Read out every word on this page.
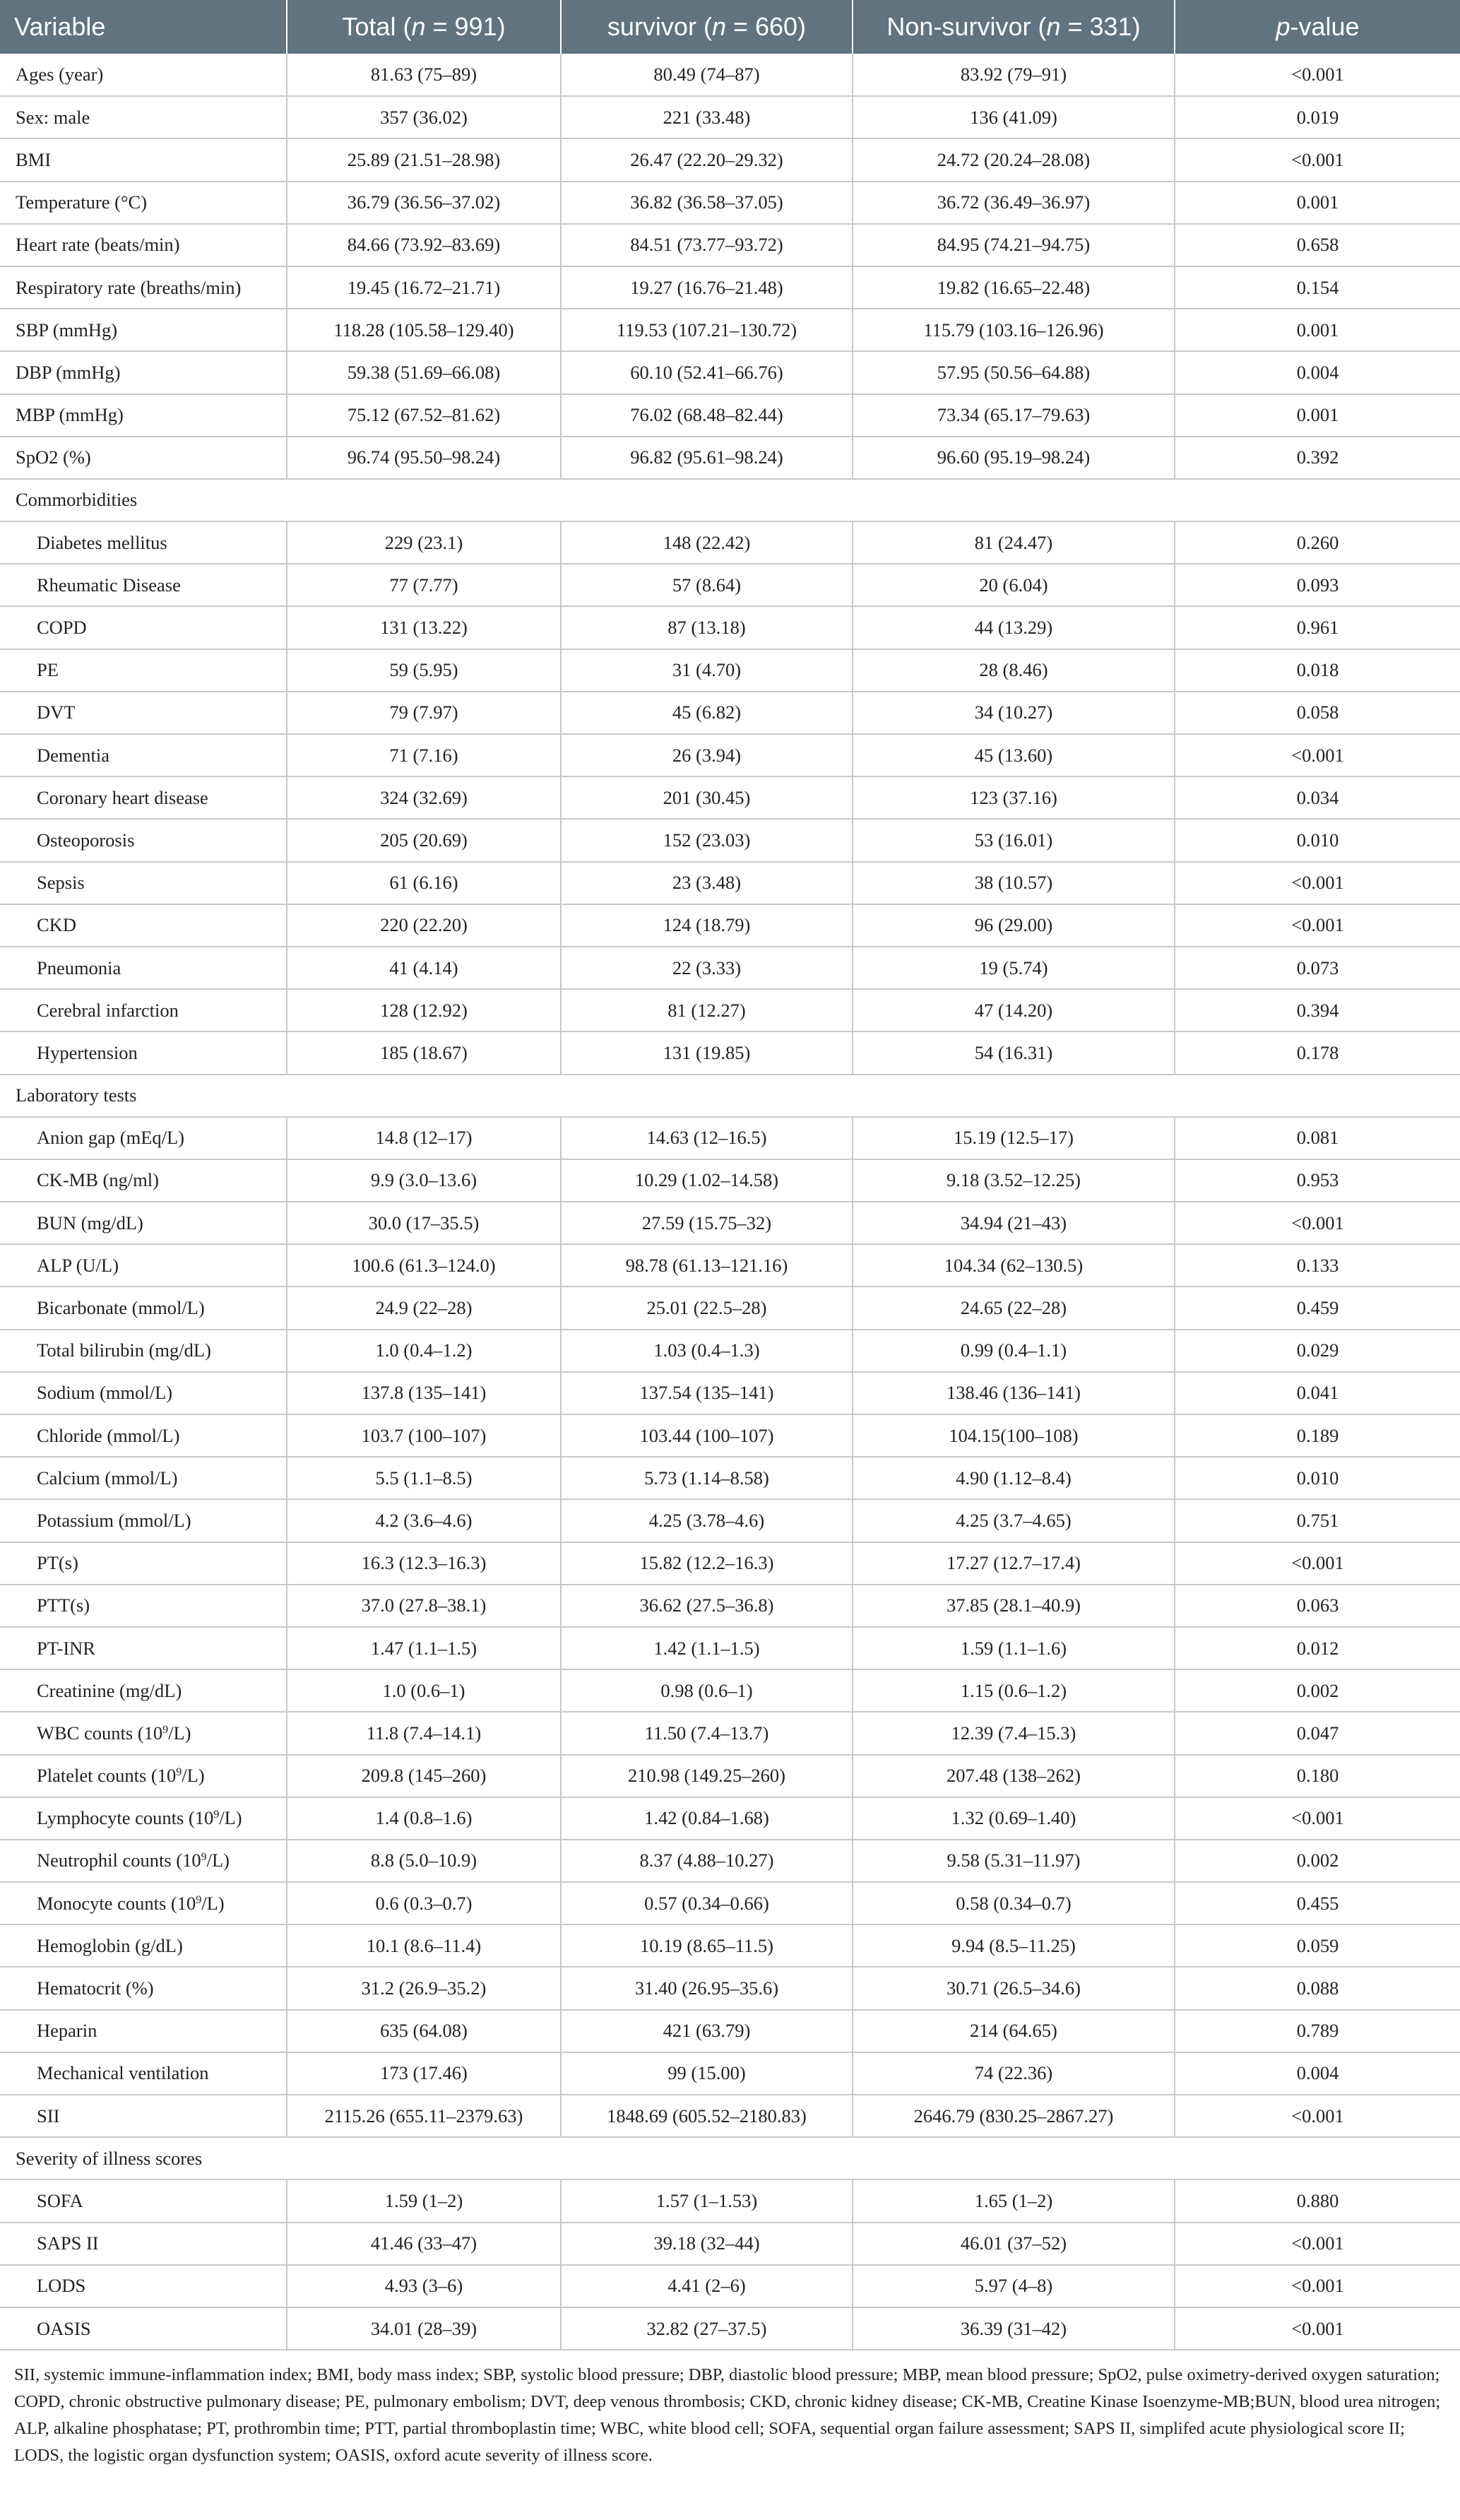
Variable	Total (n = 991)	survivor (n = 660)	Non-survivor (n = 331)	p-value
Ages (year)	81.63 (75–89)	80.49 (74–87)	83.92 (79–91)	<0.001
Sex: male	357 (36.02)	221 (33.48)	136 (41.09)	0.019
BMI	25.89 (21.51–28.98)	26.47 (22.20–29.32)	24.72 (20.24–28.08)	<0.001
Temperature (°C)	36.79 (36.56–37.02)	36.82 (36.58–37.05)	36.72 (36.49–36.97)	0.001
Heart rate (beats/min)	84.66 (73.92–83.69)	84.51 (73.77–93.72)	84.95 (74.21–94.75)	0.658
Respiratory rate (breaths/min)	19.45 (16.72–21.71)	19.27 (16.76–21.48)	19.82 (16.65–22.48)	0.154
SBP (mmHg)	118.28 (105.58–129.40)	119.53 (107.21–130.72)	115.79 (103.16–126.96)	0.001
DBP (mmHg)	59.38 (51.69–66.08)	60.10 (52.41–66.76)	57.95 (50.56–64.88)	0.004
MBP (mmHg)	75.12 (67.52–81.62)	76.02 (68.48–82.44)	73.34 (65.17–79.63)	0.001
SpO2 (%)	96.74 (95.50–98.24)	96.82 (95.61–98.24)	96.60 (95.19–98.24)	0.392
Commorbidities				
Diabetes mellitus	229 (23.1)	148 (22.42)	81 (24.47)	0.260
Rheumatic Disease	77 (7.77)	57 (8.64)	20 (6.04)	0.093
COPD	131 (13.22)	87 (13.18)	44 (13.29)	0.961
PE	59 (5.95)	31 (4.70)	28 (8.46)	0.018
DVT	79 (7.97)	45 (6.82)	34 (10.27)	0.058
Dementia	71 (7.16)	26 (3.94)	45 (13.60)	<0.001
Coronary heart disease	324 (32.69)	201 (30.45)	123 (37.16)	0.034
Osteoporosis	205 (20.69)	152 (23.03)	53 (16.01)	0.010
Sepsis	61 (6.16)	23 (3.48)	38 (10.57)	<0.001
CKD	220 (22.20)	124 (18.79)	96 (29.00)	<0.001
Pneumonia	41 (4.14)	22 (3.33)	19 (5.74)	0.073
Cerebral infarction	128 (12.92)	81 (12.27)	47 (14.20)	0.394
Hypertension	185 (18.67)	131 (19.85)	54 (16.31)	0.178
Laboratory tests				
Anion gap (mEq/L)	14.8 (12–17)	14.63 (12–16.5)	15.19 (12.5–17)	0.081
CK-MB (ng/ml)	9.9 (3.0–13.6)	10.29 (1.02–14.58)	9.18 (3.52–12.25)	0.953
BUN (mg/dL)	30.0 (17–35.5)	27.59 (15.75–32)	34.94 (21–43)	<0.001
ALP (U/L)	100.6 (61.3–124.0)	98.78 (61.13–121.16)	104.34 (62–130.5)	0.133
Bicarbonate (mmol/L)	24.9 (22–28)	25.01 (22.5–28)	24.65 (22–28)	0.459
Total bilirubin (mg/dL)	1.0 (0.4–1.2)	1.03 (0.4–1.3)	0.99 (0.4–1.1)	0.029
Sodium (mmol/L)	137.8 (135–141)	137.54 (135–141)	138.46 (136–141)	0.041
Chloride (mmol/L)	103.7 (100–107)	103.44 (100–107)	104.15(100–108)	0.189
Calcium (mmol/L)	5.5 (1.1–8.5)	5.73 (1.14–8.58)	4.90 (1.12–8.4)	0.010
Potassium (mmol/L)	4.2 (3.6–4.6)	4.25 (3.78–4.6)	4.25 (3.7–4.65)	0.751
PT(s)	16.3 (12.3–16.3)	15.82 (12.2–16.3)	17.27 (12.7–17.4)	<0.001
PTT(s)	37.0 (27.8–38.1)	36.62 (27.5–36.8)	37.85 (28.1–40.9)	0.063
PT-INR	1.47 (1.1–1.5)	1.42 (1.1–1.5)	1.59 (1.1–1.6)	0.012
Creatinine (mg/dL)	1.0 (0.6–1)	0.98 (0.6–1)	1.15 (0.6–1.2)	0.002
WBC counts $(10^9/L)$	11.8 (7.4–14.1)	11.50 (7.4–13.7)	12.39 (7.4–15.3)	0.047
Platelet counts $(10^9/L)$	209.8 (145–260)	210.98 (149.25–260)	207.48 (138–262)	0.180
Lymphocyte counts $(10^9/L)$	1.4 (0.8–1.6)	1.42 (0.84–1.68)	1.32 (0.69–1.40)	<0.001
Neutrophil counts $(10^9/L)$	8.8 (5.0–10.9)	8.37 (4.88–10.27)	9.58 (5.31–11.97)	0.002
Monocyte counts $(10^9/L)$	0.6 (0.3–0.7)	0.57 (0.34–0.66)	0.58 (0.34–0.7)	0.455
Hemoglobin (g/dL)	10.1 (8.6–11.4)	10.19 (8.65–11.5)	9.94 (8.5–11.25)	0.059
Hematocrit (%)	31.2 (26.9–35.2)	31.40 (26.95–35.6)	30.71 (26.5–34.6)	0.088
Heparin	635 (64.08)	421 (63.79)	214 (64.65)	0.789
Mechanical ventilation	173 (17.46)	99 (15.00)	74 (22.36)	0.004
SII	2115.26 (655.11–2379.63)	1848.69 (605.52–2180.83)	2646.79 (830.25–2867.27)	<0.001
Severity of illness scores				
SOFA	1.59 (1–2)	1.57 (1–1.53)	1.65 (1–2)	0.880
SAPS II	41.46 (33–47)	39.18 (32–44)	46.01 (37–52)	<0.001
LODS	4.93 (3–6)	4.41 (2–6)	5.97 (4–8)	<0.001
OASIS	34.01 (28–39)	32.82 (27–37.5)	36.39 (31–42)	<0.001

SII, systemic immune-inflammation index; BMI, body mass index; SBP, systolic blood pressure; DBP, diastolic blood pressure; MBP, mean blood pressure; SpO2, pulse oximetry-derived oxygen saturation; COPD, chronic obstructive pulmonary disease; PE, pulmonary embolism; DVT, deep venous thrombosis; CKD, chronic kidney disease; CK-MB, Creatine Kinase Isoenzyme-MB;BUN, blood urea nitrogen; ALP, alkaline phosphatase; PT, prothrombin time; PTT, partial thromboplastin time; WBC, white blood cell; SOFA, sequential organ failure assessment; SAPS II, simplifed acute physiological score II; LODS, the logistic organ dysfunction system; OASIS, oxford acute severity of illness score.
